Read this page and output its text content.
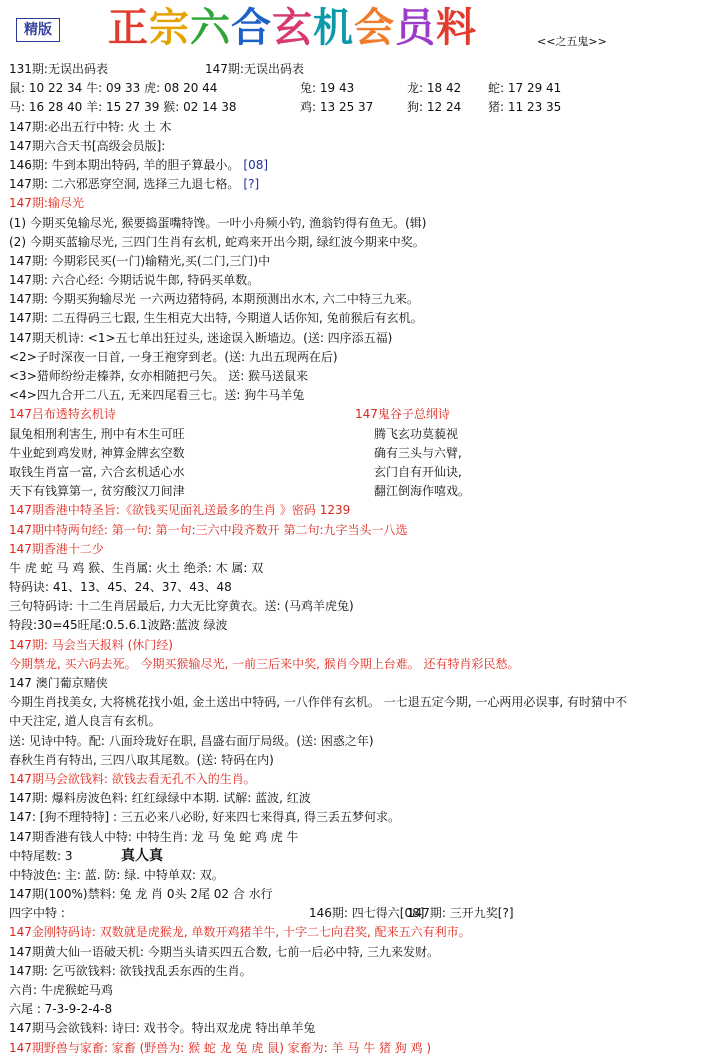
精版 正宗六合玄机会员料	<<之五鬼>>
131期:无误出码表	147期:无误出码表
鼠: 10 22 34 牛: 09 33 虎: 08 20 44	兔: 19 43	龙: 18 42 蛇: 17 29 41
马: 16 28 40 羊: 15 27 39 猴: 02 14 38	鸡: 13 25 37	狗: 12 24 猪: 11 23 35
147期:必出五行中特: 火 土 木
147期六合天书[高级会员版]:
146期: 牛到本期出特码, 羊的胆子算最小。 [08]
147期: 二六邪恶穿空洞, 选择三九退七格。 [?]
147期:输尽光
(1) 今期买兔输尽光, 猴要捣蛋嘴特馋。一叶小舟频小钓, 渔翁钓得有鱼无。(辑)
(2) 今期买蓝输尽光, 三四门生肖有玄机, 蛇鸡来开出今期, 绿红波今期来中奖。
147期: 今期彩民买(一门)输精光,买(二门,三门)中
147期: 六合心经: 今期话说牛郎, 特码买单数。
147期: 今期买狗输尽光 一六两边猪特码, 本期预测出水木, 六二中特三九来。
147期: 二五得码三七跟, 生生相克大出特, 今期道人话你知, 兔前猴后有玄机。
147期天机诗: <1>五七单出狂过头, 迷途误入断墙边。(送: 四序添五福)
<2>子时深夜一日首, 一身王袍穿到老。(送: 九出五现两在后)
<3>猎师纷纷走榛莽, 女亦相随把弓矢。 送: 猴马送鼠来
<4>四九合开二八五, 无来四尾看三七。送: 狗牛马羊兔
147吕布透特玄机诗	147鬼谷子总纲诗
鼠兔相刑利害生, 刑中有木生可旺	腾飞玄功莫藐视
牛业蛇到鸡发财, 神算金牌玄空数	确有三头与六臂,
取钱生肖富一富, 六合玄机适心水	玄门自有开仙诀,
天下有钱算第一, 贫穷酸汉刀间津	翻江倒海作嘻戏。
147期香港中特圣旨:《欲钱买见面礼送最多的生肖 》密码 1239
147期中特两句经: 第一句: 第一句:三六中段齐数开 第二句:九字当头一八选
147期香港十二少
牛 虎 蛇 马 鸡 猴、生肖属: 火土 绝杀: 木 属: 双
特码诀: 41、13、45、24、37、43、48
三句特码诗: 十二生肖居最后, 力大无比穿黄衣。送: (马鸡羊虎兔)
特段:30=45旺尾:0.5.6.1波路:蓝波 绿波
147期: 马会当天报料 (休门经)
今期禁龙, 买六码去死。 今期买猴输尽光, 一前三后来中奖, 猴肖今期上台难。 还有特肖彩民愁。
147 澳门葡京赌侠
今期生肖找美女, 大将桃花找小姐, 金土送出中特码, 一八作伴有玄机。 一七退五定今期, 一心两用必误事, 有时猜中不
中天注定, 道人良言有玄机。
送: 见诗中特。配: 八面玲珑好在职, 昌盛右面厅局级。(送: 困惑之年)
春秋生肖有特出, 三四八取其尾数。(送: 特码在内)
147期马会欲钱料: 欲钱去看无孔不入的生肖。
147期: 爆料房波色料: 红红绿绿中本期. 试解: 蓝波, 红波
147: [狗不理特特] : 三五必来八必盼, 好来四七来得真, 得三丢五梦何求。
147期香港有钱人中特: 中特生肖: 龙 马 兔 蛇 鸡 虎 牛
中特尾数: 3	真人真
中特波色: 主: 蓝. 防: 绿. 中特单双: 双。
147期(100%)禁料: 兔 龙 肖 0头 2尾 02 合 水行
四字中特 :	146期: 四七得六[08]
147期: 三开九奖[?]
147金刚特码诗: 双数就是虎猴龙, 单数开鸡猪羊牛, 十字二七向君奖, 配来五六有利市。
147期黄大仙一语破天机: 今期当头请买四五合数, 七前一后必中特, 三九来发财。
147期: 乞丐欲钱料: 欲钱找乱丢东西的生肖。
六肖: 牛虎猴蛇马鸡
六尾 : 7-3-9-2-4-8
147期马会欲钱料: 诗曰: 戏书令。特出双龙虎 特出单羊兔
147期野兽与家畜: 家畜 (野兽为: 猴 蛇 龙 兔 虎 鼠) 家畜为: 羊 马 牛 猪 狗 鸡 )
